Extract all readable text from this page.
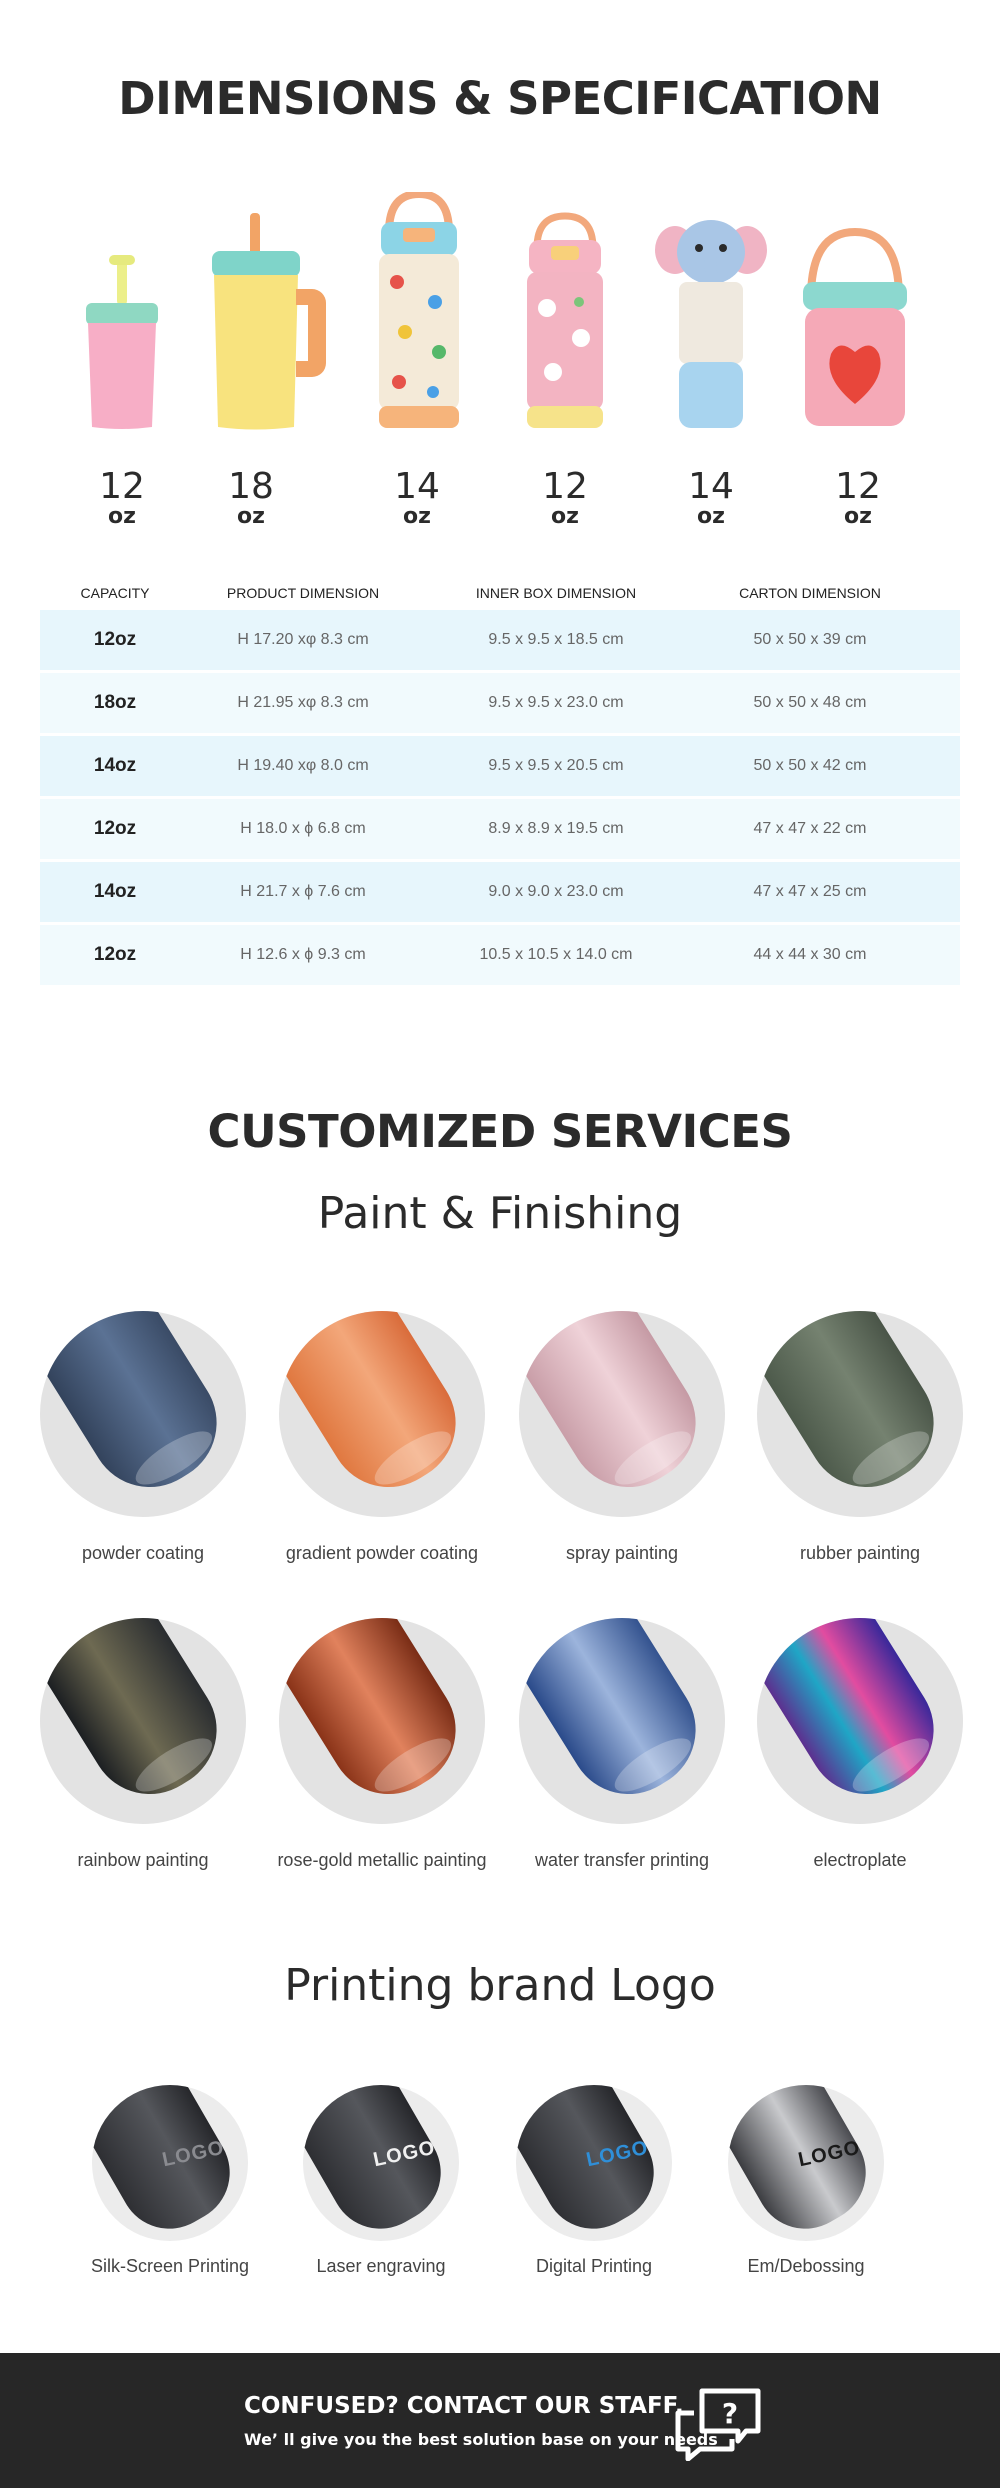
DIMENSIONS & SPECIFICATION
12
oz
18
oz
14
oz
12
oz
14
oz
12
oz
CAPACITY	PRODUCT DIMENSION	INNER BOX DIMENSION	CARTON DIMENSION
12oz	H 17.20 xφ 8.3 cm	9.5 x 9.5 x 18.5 cm	50 x 50 x 39 cm
18oz	H 21.95 xφ 8.3 cm	9.5 x 9.5 x 23.0 cm	50 x 50 x 48 cm
14oz	H 19.40 xφ 8.0 cm	9.5 x 9.5 x 20.5 cm	50 x 50 x 42 cm
12oz	H 18.0 x ϕ 6.8 cm	8.9 x 8.9 x 19.5 cm	47 x 47 x 22 cm
14oz	H 21.7 x ϕ 7.6 cm	9.0 x 9.0 x 23.0 cm	47 x 47 x 25 cm
12oz	H 12.6 x ϕ 9.3 cm	10.5 x 10.5 x 14.0 cm	44 x 44 x 30 cm
CUSTOMIZED SERVICES
Paint & Finishing
powder coating	gradient powder coating	spray painting	rubber painting
rainbow painting	rose-gold metallic painting	water transfer printing	electroplate
Printing brand Logo
LOGO
Silk-Screen Printing
LOGO
Laser engraving
LOGO
Digital Printing
LOGO
Em/Debossing
CONFUSED? CONTACT OUR STAFF.
We’ ll give you the best solution base on your needs
?
